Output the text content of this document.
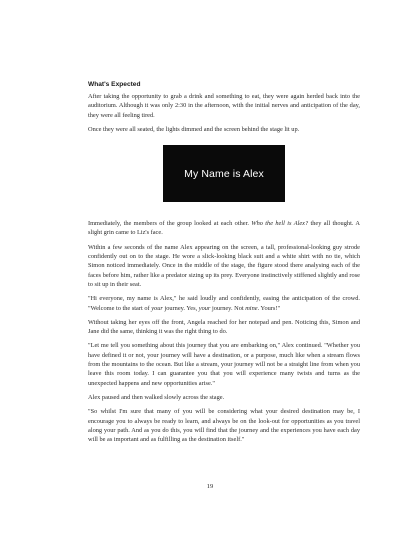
What's Expected

After taking the opportunity to grab a drink and something to eat, they were again herded back into the auditorium. Although it was only 2:30 in the afternoon, with the initial nerves and anticipation of the day, they were all feeling tired.

Once they were all seated, the lights dimmed and the screen behind the stage lit up.

My Name is Alex

Immediately, the members of the group looked at each other. Who the hell is Alex? they all thought. A slight grin came to Liz's face.

Within a few seconds of the name Alex appearing on the screen, a tall, professional-looking guy strode confidently out on to the stage. He wore a slick-looking black suit and a white shirt with no tie, which Simon noticed immediately. Once in the middle of the stage, the figure stood there analysing each of the faces before him, rather like a predator sizing up its prey. Everyone instinctively stiffened slightly and rose to sit up in their seat.

"Hi everyone, my name is Alex," he said loudly and confidently, easing the anticipation of the crowd. "Welcome to the start of your journey. Yes, your journey. Not mine. Yours!"

Without taking her eyes off the front, Angela reached for her notepad and pen. Noticing this, Simon and Jane did the same, thinking it was the right thing to do.

"Let me tell you something about this journey that you are embarking on," Alex continued. "Whether you have defined it or not, your journey will have a destination, or a purpose, much like when a stream flows from the mountains to the ocean. But like a stream, your journey will not be a straight line from when you leave this room today. I can guarantee you that you will experience many twists and turns as the unexpected happens and new opportunities arise."

Alex paused and then walked slowly across the stage.

"So whilst I'm sure that many of you will be considering what your desired destination may be, I encourage you to always be ready to learn, and always be on the look-out for opportunities as you travel along your path. And as you do this, you will find that the journey and the experiences you have each day will be as important and as fulfilling as the destination itself."

19
